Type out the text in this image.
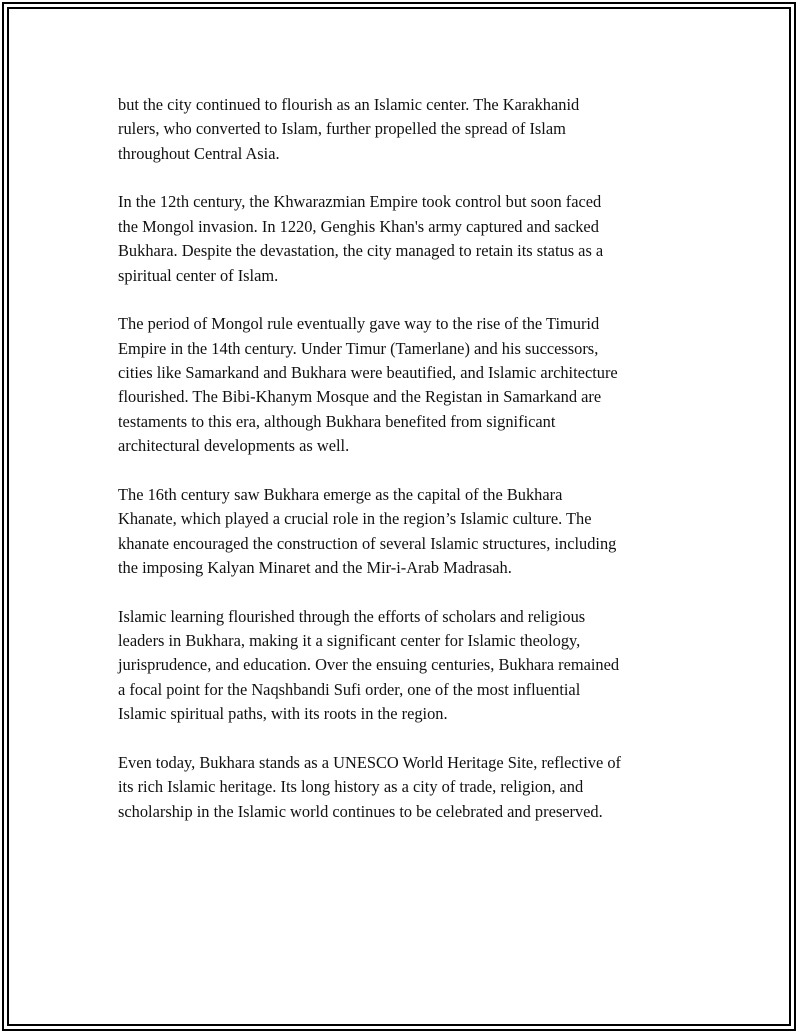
but the city continued to flourish as an Islamic center. The Karakhanid
rulers, who converted to Islam, further propelled the spread of Islam
throughout Central Asia.

In the 12th century, the Khwarazmian Empire took control but soon faced
the Mongol invasion. In 1220, Genghis Khan's army captured and sacked
Bukhara. Despite the devastation, the city managed to retain its status as a
spiritual center of Islam.

The period of Mongol rule eventually gave way to the rise of the Timurid
Empire in the 14th century. Under Timur (Tamerlane) and his successors,
cities like Samarkand and Bukhara were beautified, and Islamic architecture
flourished. The Bibi-Khanym Mosque and the Registan in Samarkand are
testaments to this era, although Bukhara benefited from significant
architectural developments as well.

The 16th century saw Bukhara emerge as the capital of the Bukhara
Khanate, which played a crucial role in the region’s Islamic culture. The
khanate encouraged the construction of several Islamic structures, including
the imposing Kalyan Minaret and the Mir-i-Arab Madrasah.

Islamic learning flourished through the efforts of scholars and religious
leaders in Bukhara, making it a significant center for Islamic theology,
jurisprudence, and education. Over the ensuing centuries, Bukhara remained
a focal point for the Naqshbandi Sufi order, one of the most influential
Islamic spiritual paths, with its roots in the region.

Even today, Bukhara stands as a UNESCO World Heritage Site, reflective of
its rich Islamic heritage. Its long history as a city of trade, religion, and
scholarship in the Islamic world continues to be celebrated and preserved.
